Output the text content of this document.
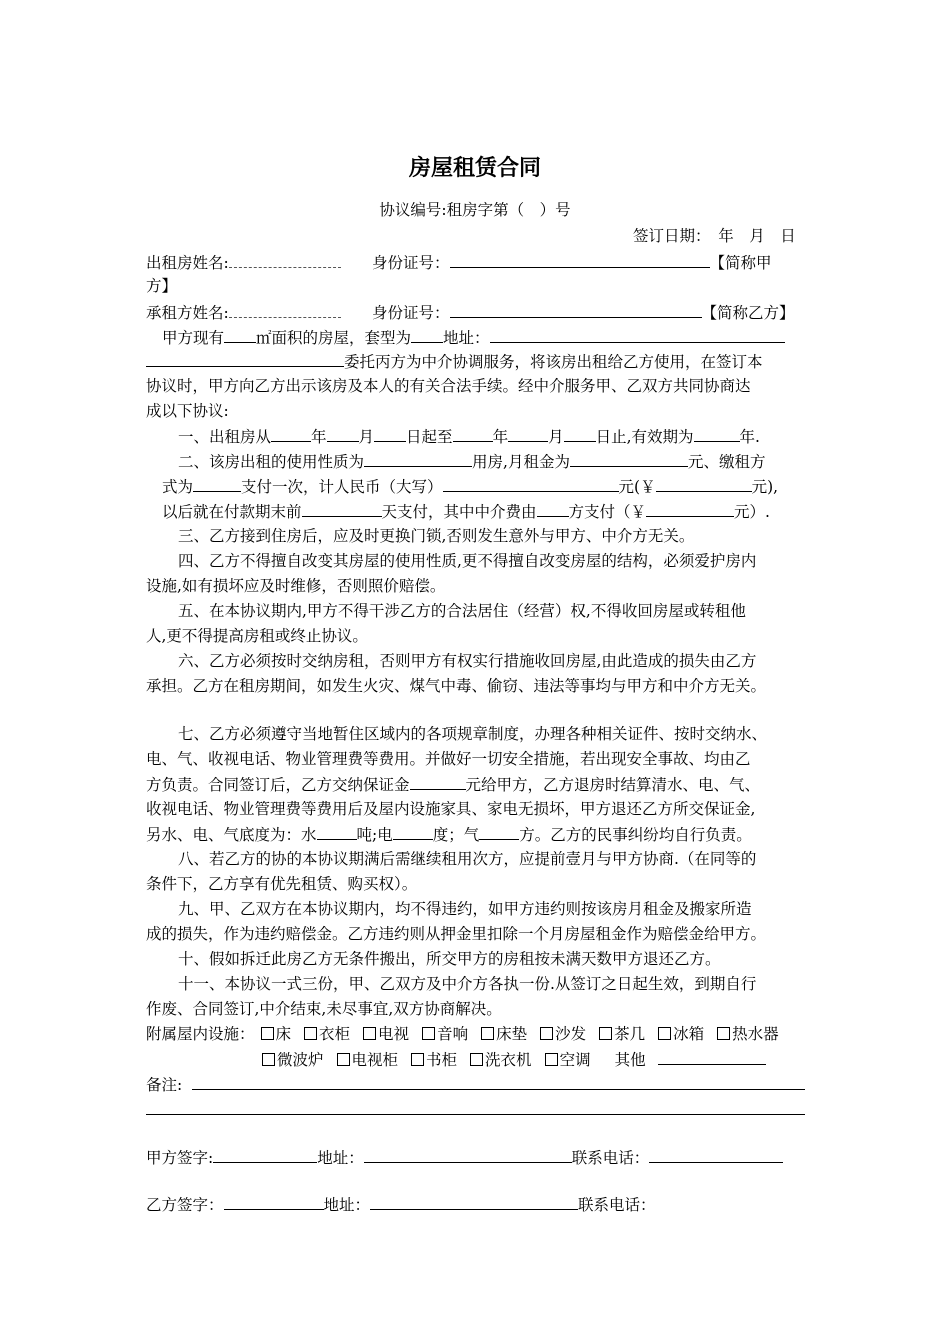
房屋租赁合同
协议编号:租房字第（　）号
签订日期：　年　月　日
出租房姓名:	身份证号：	【简称甲
方】
承租方姓名:	身份证号：	【简称乙方】
甲方现有 ㎡面积的房屋，套型为 地址：
委托丙方为中介协调服务，将该房出租给乙方使用，在签订本
协议时，甲方向乙方出示该房及本人的有关合法手续。经中介服务甲、乙双方共同协商达
成以下协议:
一、出租房从	年 月 日起至	年	月 日止,有效期为	年.
二、该房出租的使用性质为	用房,月租金为	元、缴租方
式为	支付一次，计人民币（大写）	元(￥	元),
以后就在付款期末前	天支付，其中中介费由 方支付（￥	元）.
三、乙方接到住房后，应及时更换门锁,否则发生意外与甲方、中介方无关。
四、乙方不得擅自改变其房屋的使用性质,更不得擅自改变房屋的结构，必须爱护房内
设施,如有损坏应及时维修，否则照价赔偿。
五、在本协议期内,甲方不得干涉乙方的合法居住（经营）权,不得收回房屋或转租他
人,更不得提高房租或终止协议。
六、乙方必须按时交纳房租，否则甲方有权实行措施收回房屋,由此造成的损失由乙方
承担。乙方在租房期间，如发生火灾、煤气中毒、偷窃、违法等事均与甲方和中介方无关。
七、乙方必须遵守当地暂住区域内的各项规章制度，办理各种相关证件、按时交纳水、
电、气、收视电话、物业管理费等费用。并做好一切安全措施，若出现安全事故、均由乙
方负责。合同签订后，乙方交纳保证金	元给甲方，乙方退房时结算清水、电、气、
收视电话、物业管理费等费用后及屋内设施家具、家电无损坏，甲方退还乙方所交保证金,
另水、电、气底度为：水	吨;电	度；气	方。乙方的民事纠纷均自行负责。
八、若乙方的协的本协议期满后需继续租用次方，应提前壹月与甲方协商.（在同等的
条件下，乙方享有优先租赁、购买权）。
九、甲、乙双方在本协议期内，均不得违约，如甲方违约则按该房月租金及搬家所造
成的损失，作为违约赔偿金。乙方违约则从押金里扣除一个月房屋租金作为赔偿金给甲方。
十、假如拆迁此房乙方无条件搬出，所交甲方的房租按未满天数甲方退还乙方。
十一、本协议一式三份，甲、乙双方及中介方各执一份.从签订之日起生效，到期自行
作废、合同签订,中介结束,未尽事宜,双方协商解决。
附属屋内设施： 床 衣柜 电视 音响 床垫 沙发 茶几 冰箱 热水器
微波炉 电视柜 书柜 洗衣机 空调 其他
备注:
甲方签字:	地址：	联系电话：
乙方签字：	地址：	联系电话：
